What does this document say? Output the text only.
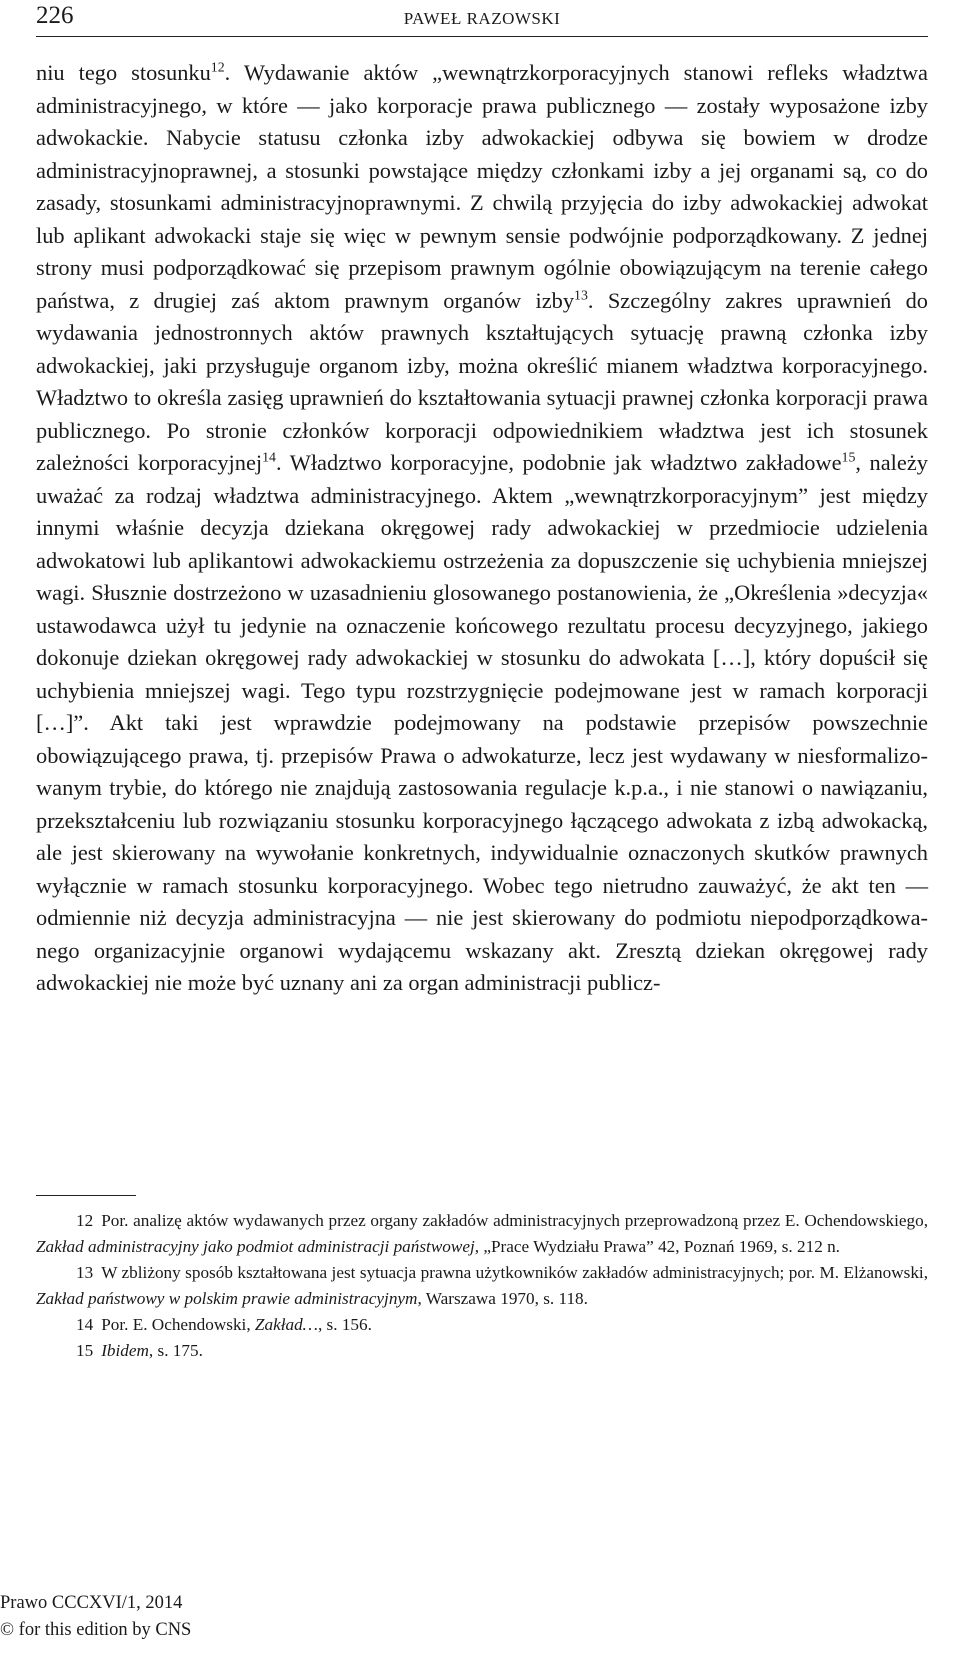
226	PAWEŁ RAZOWSKI

niu tego stosunku$^{12}$. Wydawanie aktów „wewnątrzkorporacyjnych stanowi refleks władztwa administracyjnego, w które — jako korporacje prawa publicznego — zostały wyposażone izby adwokackie. Nabycie statusu członka izby adwokackiej odbywa się bowiem w drodze administracyjnoprawnej, a stosunki powstające między członkami izby a jej organami są, co do zasady, stosunkami administracyjnoprawnymi. Z chwilą przyjęcia do izby adwokackiej adwokat lub aplikant adwokacki staje się więc w pewnym sensie podwójnie podporządkowany. Z jednej strony musi podporządkować się przepisom prawnym ogólnie obowiązującym na terenie całego państwa, z drugiej zaś aktom prawnym organów izby$^{13}$. Szczególny zakres uprawnień do wydawania jednostronnych aktów prawnych kształtujących sytuację prawną członka izby adwokackiej, jaki przysługuje organom izby, można określić mianem władztwa korporacyjnego. Władztwo to określa zasięg uprawnień do kształtowania sytuacji prawnej członka korporacji prawa publicznego. Po stronie członków korporacji odpowiednikiem władztwa jest ich stosunek zależności korporacyjnej$^{14}$. Władztwo korporacyjne, podobnie jak władztwo zakładowe$^{15}$, należy uważać za rodzaj władztwa administracyjnego. Aktem „wewnątrzkorporacyjnym” jest między innymi właśnie decyzja dziekana okręgowej rady adwokackiej w przedmiocie udzielenia adwokatowi lub aplikantowi adwokackiemu ostrzeżenia za dopuszczenie się uchybienia mniejszej wagi. Słusznie dostrzeżono w uzasadnieniu glosowanego postanowienia, że „Określenia »decyzja« ustawodawca użył tu jedynie na oznaczenie końcowego rezultatu procesu decyzyjnego, jakiego dokonuje dziekan okręgowej rady adwokackiej w stosunku do adwokata […], który dopuścił się uchybienia mniejszej wagi. Tego typu rozstrzygnięcie podejmowane jest w ramach korporacji […]”. Akt taki jest wprawdzie podejmowany na podstawie przepisów powszechnie obowiązującego prawa, tj. przepisów Prawa o adwokaturze, lecz jest wydawany w niesformalizowanym trybie, do którego nie znajdują zastosowania regulacje k.p.a., i nie stanowi o nawiązaniu, przekształceniu lub rozwiązaniu stosunku korporacyjnego łączącego adwokata z izbą adwokacką, ale jest skierowany na wywołanie konkretnych, indywidualnie oznaczonych skutków prawnych wyłącznie w ramach stosunku korporacyjnego. Wobec tego nietrudno zauważyć, że akt ten — odmiennie niż decyzja administracyjna — nie jest skierowany do podmiotu niepodporządkowanego organizacyjnie organowi wydającemu wskazany akt. Zresztą dziekan okręgowej rady adwokackiej nie może być uznany ani za organ administracji publicz-

12 Por. analizę aktów wydawanych przez organy zakładów administracyjnych przeprowadzoną przez E. Ochendowskiego, Zakład administracyjny jako podmiot administracji państwowej, „Prace Wydziału Prawa” 42, Poznań 1969, s. 212 n.

13 W zbliżony sposób kształtowana jest sytuacja prawna użytkowników zakładów administracyjnych; por. M. Elżanowski, Zakład państwowy w polskim prawie administracyjnym, Warszawa 1970, s. 118.

14 Por. E. Ochendowski, Zakład…, s. 156.

15 Ibidem, s. 175.

Prawo CCCXVI/1, 2014
© for this edition by CNS
